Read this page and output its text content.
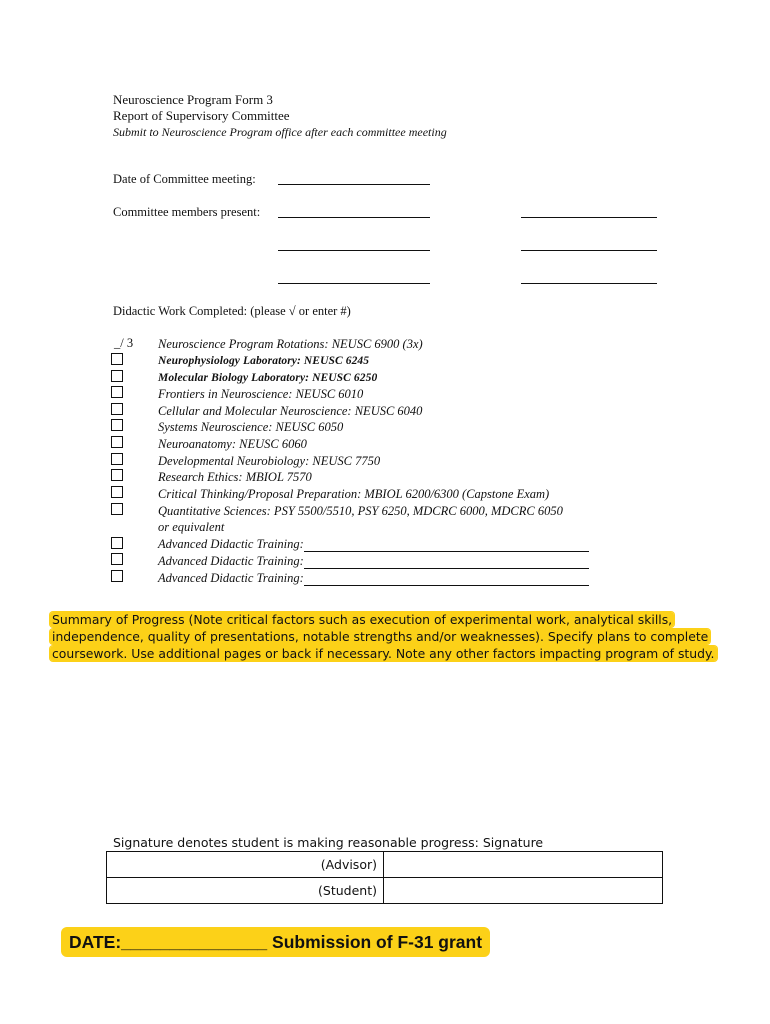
Neuroscience Program Form 3
Report of Supervisory Committee
Submit to Neuroscience Program office after each committee meeting
Date of Committee meeting:
Committee members present:
Didactic Work Completed: (please √ or enter #)
_/ 3 Neuroscience Program Rotations: NEUSC 6900 (3x)
Neurophysiology Laboratory: NEUSC 6245
Molecular Biology Laboratory: NEUSC 6250
Frontiers in Neuroscience: NEUSC 6010
Cellular and Molecular Neuroscience: NEUSC 6040
Systems Neuroscience: NEUSC 6050
Neuroanatomy: NEUSC 6060
Developmental Neurobiology: NEUSC 7750
Research Ethics: MBIOL 7570
Critical Thinking/Proposal Preparation: MBIOL 6200/6300 (Capstone Exam)
Quantitative Sciences: PSY 5500/5510, PSY 6250, MDCRC 6000, MDCRC 6050
or equivalent
Advanced Didactic Training:
Advanced Didactic Training:
Advanced Didactic Training:
Summary of Progress (Note critical factors such as execution of experimental work, analytical skills,
independence, quality of presentations, notable strengths and/or weaknesses). Specify plans to complete
coursework. Use additional pages or back if necessary. Note any other factors impacting program of study.
Signature denotes student is making reasonable progress: Signature
(Advisor)	
(Student)	
DATE:_______________ Submission of F-31 grant
